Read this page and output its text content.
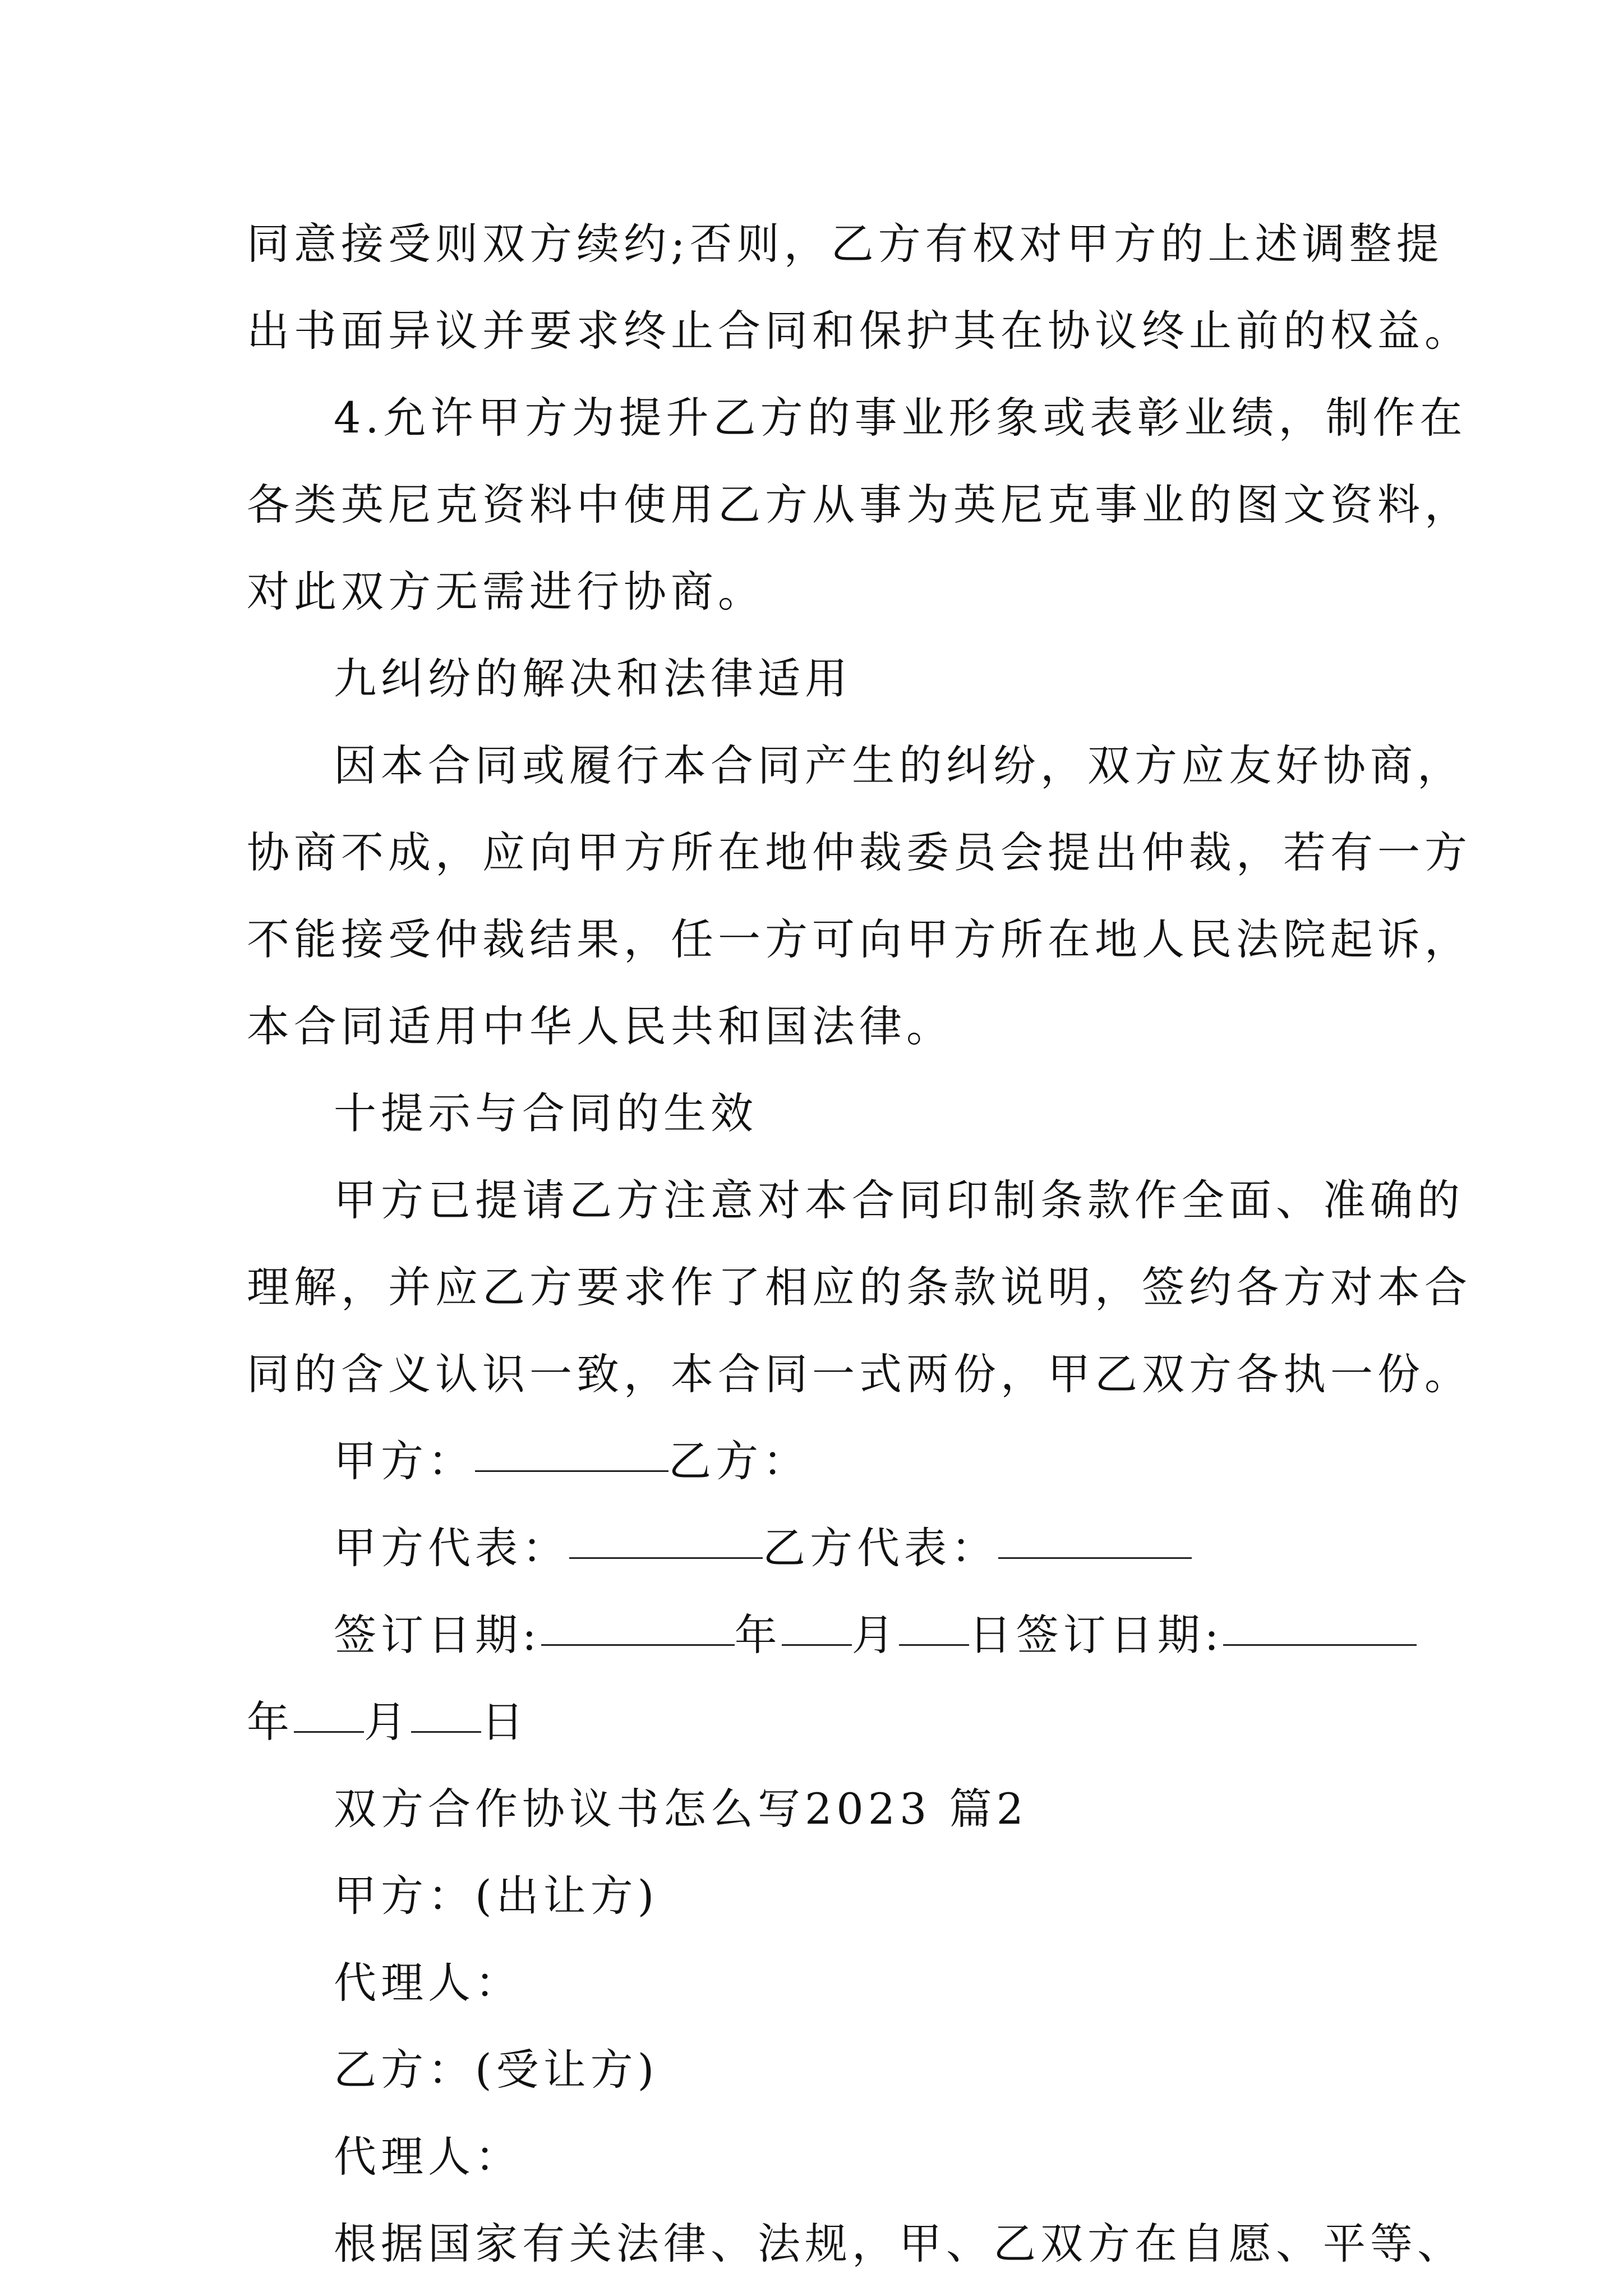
同意接受则双方续约;否则，乙方有权对甲方的上述调整提
出书面异议并要求终止合同和保护其在协议终止前的权益。
4.允许甲方为提升乙方的事业形象或表彰业绩，制作在
各类英尼克资料中使用乙方从事为英尼克事业的图文资料，
对此双方无需进行协商。
九纠纷的解决和法律适用
因本合同或履行本合同产生的纠纷，双方应友好协商，
协商不成，应向甲方所在地仲裁委员会提出仲裁，若有一方
不能接受仲裁结果，任一方可向甲方所在地人民法院起诉，
本合同适用中华人民共和国法律。
十提示与合同的生效
甲方已提请乙方注意对本合同印制条款作全面、准确的
理解，并应乙方要求作了相应的条款说明，签约各方对本合
同的含义认识一致，本合同一式两份，甲乙双方各执一份。
甲方：	乙方：
甲方代表：	乙方代表：
签订日期:	年 月 日签订日期:
年 月 日
双方合作协议书怎么写2023 篇2
甲方：(出让方)
代理人：
乙方：(受让方)
代理人：
根据国家有关法律、法规，甲、乙双方在自愿、平等、
